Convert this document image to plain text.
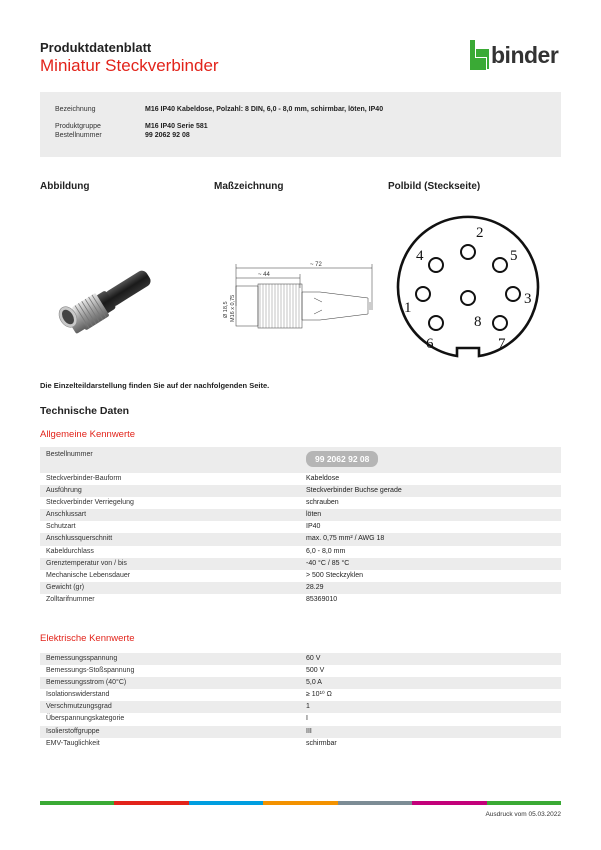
Produktdatenblatt
Miniatur Steckverbinder	binder
Bezeichnung	M16 IP40 Kabeldose, Polzahl: 8 DIN, 6,0 - 8,0 mm, schirmbar, löten, IP40
Produktgruppe	M16 IP40 Serie 581
Bestellnummer	99 2062 92 08
Abbildung	Maßzeichnung	Polbild (Steckseite)
~ 72
~ 44
Ø 18,5 M16 x 0,75	1
2
3
4	5
6	7
8
Die Einzelteildarstellung finden Sie auf der nachfolgenden Seite.
Technische Daten
Allgemeine Kennwerte
Bestellnummer	99 2062 92 08
Steckverbinder-Bauform	Kabeldose
Ausführung	Steckverbinder Buchse gerade
Steckverbinder Verriegelung	schrauben
Anschlussart	löten
Schutzart	IP40
Anschlussquerschnitt	max. 0,75 mm² / AWG 18
Kabeldurchlass	6,0 - 8,0 mm
Grenztemperatur von / bis	-40 °C / 85 °C
Mechanische Lebensdauer	> 500 Steckzyklen
Gewicht (gr)	28.29
Zolltarifnummer	85369010
Elektrische Kennwerte
Bemessungsspannung	60 V
Bemessungs-Stoßspannung	500 V
Bemessungsstrom (40°C)	5,0 A
Isolationswiderstand	≥ 10¹⁰ Ω
Verschmutzungsgrad	1
Überspannungskategorie	I
Isolierstoffgruppe	III
EMV-Tauglichkeit	schirmbar
Ausdruck vom 05.03.2022
